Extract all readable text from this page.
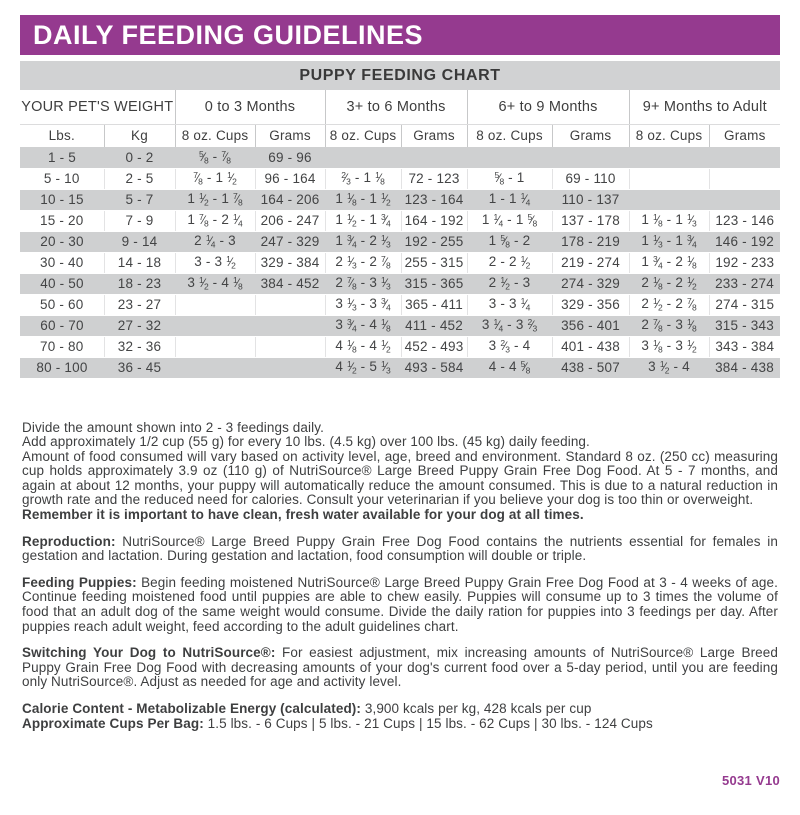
DAILY FEEDING GUIDELINES
PUPPY FEEDING CHART
YOUR PET'S WEIGHT		0 to 3 Months		3+ to 6 Months		6+ to 9 Months		9+ Months to Adult	
Lbs.	Kg	8 oz. Cups	Grams	8 oz. Cups	Grams	8 oz. Cups	Grams	8 oz. Cups	Grams
1 - 5	0 - 2	$^5⁄_8$ - $^7⁄_8$	69 - 96						
5 - 10	2 - 5	$^7⁄_8 - 1$ $^1⁄_2$	96 - 164	$^2⁄_3 - 1$ $^1⁄_8$	72 - 123	$^5⁄_8 - 1$	69 - 110		
10 - 15	5 - 7	1 $^1⁄_2 - 1$ $^7⁄_8$	164 - 206	1 $^1⁄_8 - 1$ $^1⁄_2$	123 - 164	1 - 1 $^1⁄_4$	110 - 137		
15 - 20	7 - 9	1 $^7⁄_8 - 2$ $^1⁄_4$	206 - 247	1 $^1⁄_2 - 1$ $^3⁄_4$	164 - 192	1 $^1⁄_4 - 1$ $^5⁄_8$	137 - 178	1 $^1⁄_8 - 1$ $^1⁄_3$	123 - 146
20 - 30	9 - 14	2 $^1⁄_4 - 3$	247 - 329	1 $^3⁄_4 - 2$ $^1⁄_3$	192 - 255	1 $^5⁄_8 - 2$	178 - 219	1 $^1⁄_3 - 1$ $^3⁄_4$	146 - 192
30 - 40	14 - 18	3 - 3 $^1⁄_2$	329 - 384	2 $^1⁄_3 - 2$ $^7⁄_8$	255 - 315	2 - 2 $^1⁄_2$	219 - 274	1 $^3⁄_4 - 2$ $^1⁄_8$	192 - 233
40 - 50	18 - 23	3 $^1⁄_2 - 4$ $^1⁄_8$	384 - 452	2 $^7⁄_8 - 3$ $^1⁄_3$	315 - 365	2 $^1⁄_2 - 3$	274 - 329	2 $^1⁄_8 - 2$ $^1⁄_2$	233 - 274
50 - 60	23 - 27			3 $^1⁄_3 - 3$ $^3⁄_4$	365 - 411	3 - 3 $^1⁄_4$	329 - 356	2 $^1⁄_2 - 2$ $^7⁄_8$	274 - 315
60 - 70	27 - 32			3 $^3⁄_4 - 4$ $^1⁄_8$	411 - 452	3 $^1⁄_4 - 3$ $^2⁄_3$	356 - 401	2 $^7⁄_8 - 3$ $^1⁄_8$	315 - 343
70 - 80	32 - 36			4 $^1⁄_8 - 4$ $^1⁄_2$	452 - 493	3 $^2⁄_3 - 4$	401 - 438	3 $^1⁄_8 - 3$ $^1⁄_2$	343 - 384
80 - 100	36 - 45			4 $^1⁄_2 - 5$ $^1⁄_3$	493 - 584	4 - 4 $^5⁄_8$	438 - 507	3 $^1⁄_2 - 4$	384 - 438

Divide the amount shown into 2 - 3 feedings daily.

Add approximately 1/2 cup (55 g) for every 10 lbs. (4.5 kg) over 100 lbs. (45 kg) daily feeding.

Amount of food consumed will vary based on activity level, age, breed and environment. Standard 8 oz. (250 cc) measuring cup holds approximately 3.9 oz (110 g) of NutriSource® Large Breed Puppy Grain Free Dog Food. At 5 - 7 months, and again at about 12 months, your puppy will automatically reduce the amount consumed. This is due to a natural reduction in growth rate and the reduced need for calories. Consult your veterinarian if you believe your dog is too thin or overweight.

Remember it is important to have clean, fresh water available for your dog at all times.

Reproduction: NutriSource® Large Breed Puppy Grain Free Dog Food contains the nutrients essential for females in gestation and lactation. During gestation and lactation, food consumption will double or triple.

Feeding Puppies: Begin feeding moistened NutriSource® Large Breed Puppy Grain Free Dog Food at 3 - 4 weeks of age. Continue feeding moistened food until puppies are able to chew easily. Puppies will consume up to 3 times the volume of food that an adult dog of the same weight would consume. Divide the daily ration for puppies into 3 feedings per day. After puppies reach adult weight, feed according to the adult guidelines chart.

Switching Your Dog to NutriSource®: For easiest adjustment, mix increasing amounts of NutriSource® Large Breed Puppy Grain Free Dog Food with decreasing amounts of your dog's current food over a 5-day period, until you are feeding only NutriSource®. Adjust as needed for age and activity level.

Calorie Content - Metabolizable Energy (calculated): 3,900 kcals per kg, 428 kcals per cup

Approximate Cups Per Bag: 1.5 lbs. - 6 Cups | 5 lbs. - 21 Cups | 15 lbs. - 62 Cups | 30 lbs. - 124 Cups

5031 V10
